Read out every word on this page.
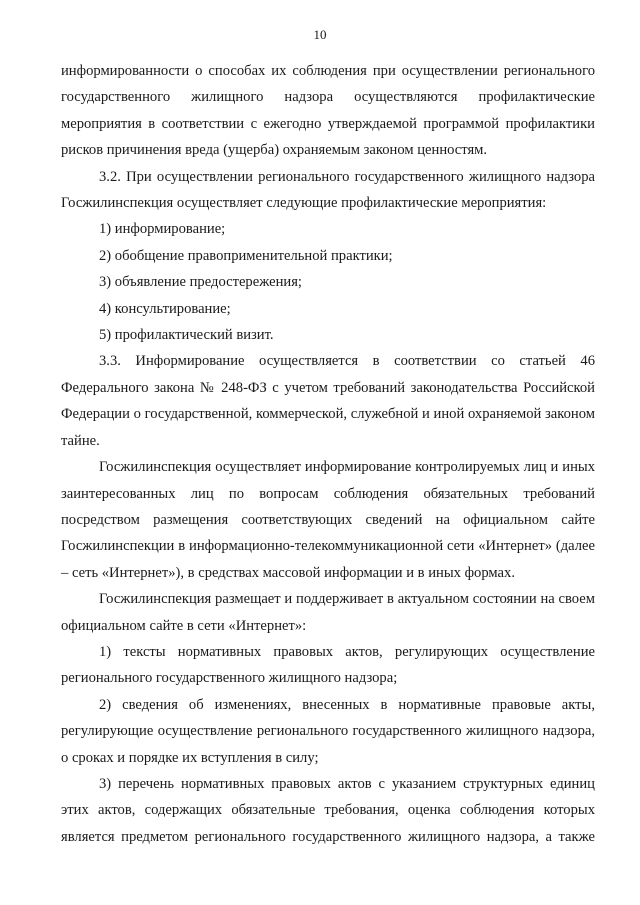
10

информированности о способах их соблюдения при осуществлении регионального государственного жилищного надзора осуществляются профилактические мероприятия в соответствии с ежегодно утверждаемой программой профилактики рисков причинения вреда (ущерба) охраняемым законом ценностям.

3.2. При осуществлении регионального государственного жилищного надзора Госжилинспекция осуществляет следующие профилактические мероприятия:

1) информирование;

2) обобщение правоприменительной практики;

3) объявление предостережения;

4) консультирование;

5) профилактический визит.

3.3. Информирование осуществляется в соответствии со статьей 46 Федерального закона № 248-ФЗ с учетом требований законодательства Российской Федерации о государственной, коммерческой, служебной и иной охраняемой законом тайне.

Госжилинспекция осуществляет информирование контролируемых лиц и иных заинтересованных лиц по вопросам соблюдения обязательных требований посредством размещения соответствующих сведений на официальном сайте Госжилинспекции в информационно-телекоммуникационной сети «Интернет» (далее – сеть «Интернет»), в средствах массовой информации и в иных формах.

Госжилинспекция размещает и поддерживает в актуальном состоянии на своем официальном сайте в сети «Интернет»:

1) тексты нормативных правовых актов, регулирующих осуществление регионального государственного жилищного надзора;

2) сведения об изменениях, внесенных в нормативные правовые акты, регулирующие осуществление регионального государственного жилищного надзора, о сроках и порядке их вступления в силу;

3) перечень нормативных правовых актов с указанием структурных единиц этих актов, содержащих обязательные требования, оценка соблюдения которых является предметом регионального государственного жилищного надзора, а также
